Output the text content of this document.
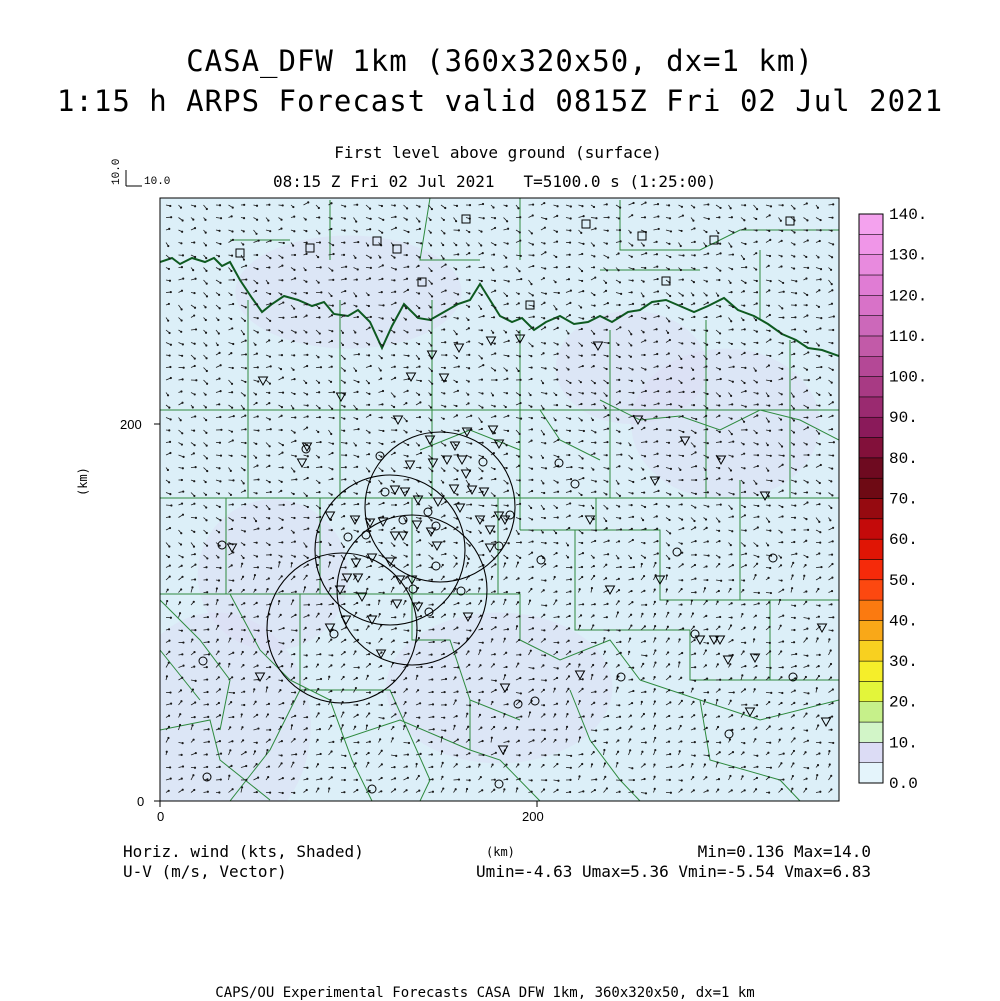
CASA_DFW 1km (360x320x50, dx=1 km)
1:15 h ARPS Forecast valid 0815Z Fri 02 Jul 2021
First level above ground (surface)
08:15 Z Fri 02 Jul 2021 T=5100.0 s (1:25:00)
10.0
10.0
0	200
0
200
0.0
10.
20.
30.
40.
50.
60.
70.
80.
90.
100.
110.
120.
130.
140.
(km)
(km)
Horiz. wind (kts, Shaded)
U-V (m/s, Vector)
Min=0.136 Max=14.0
Umin=-4.63 Umax=5.36 Vmin=-5.54 Vmax=6.83
CAPS/OU Experimental Forecasts CASA DFW 1km, 360x320x50, dx=1 km
